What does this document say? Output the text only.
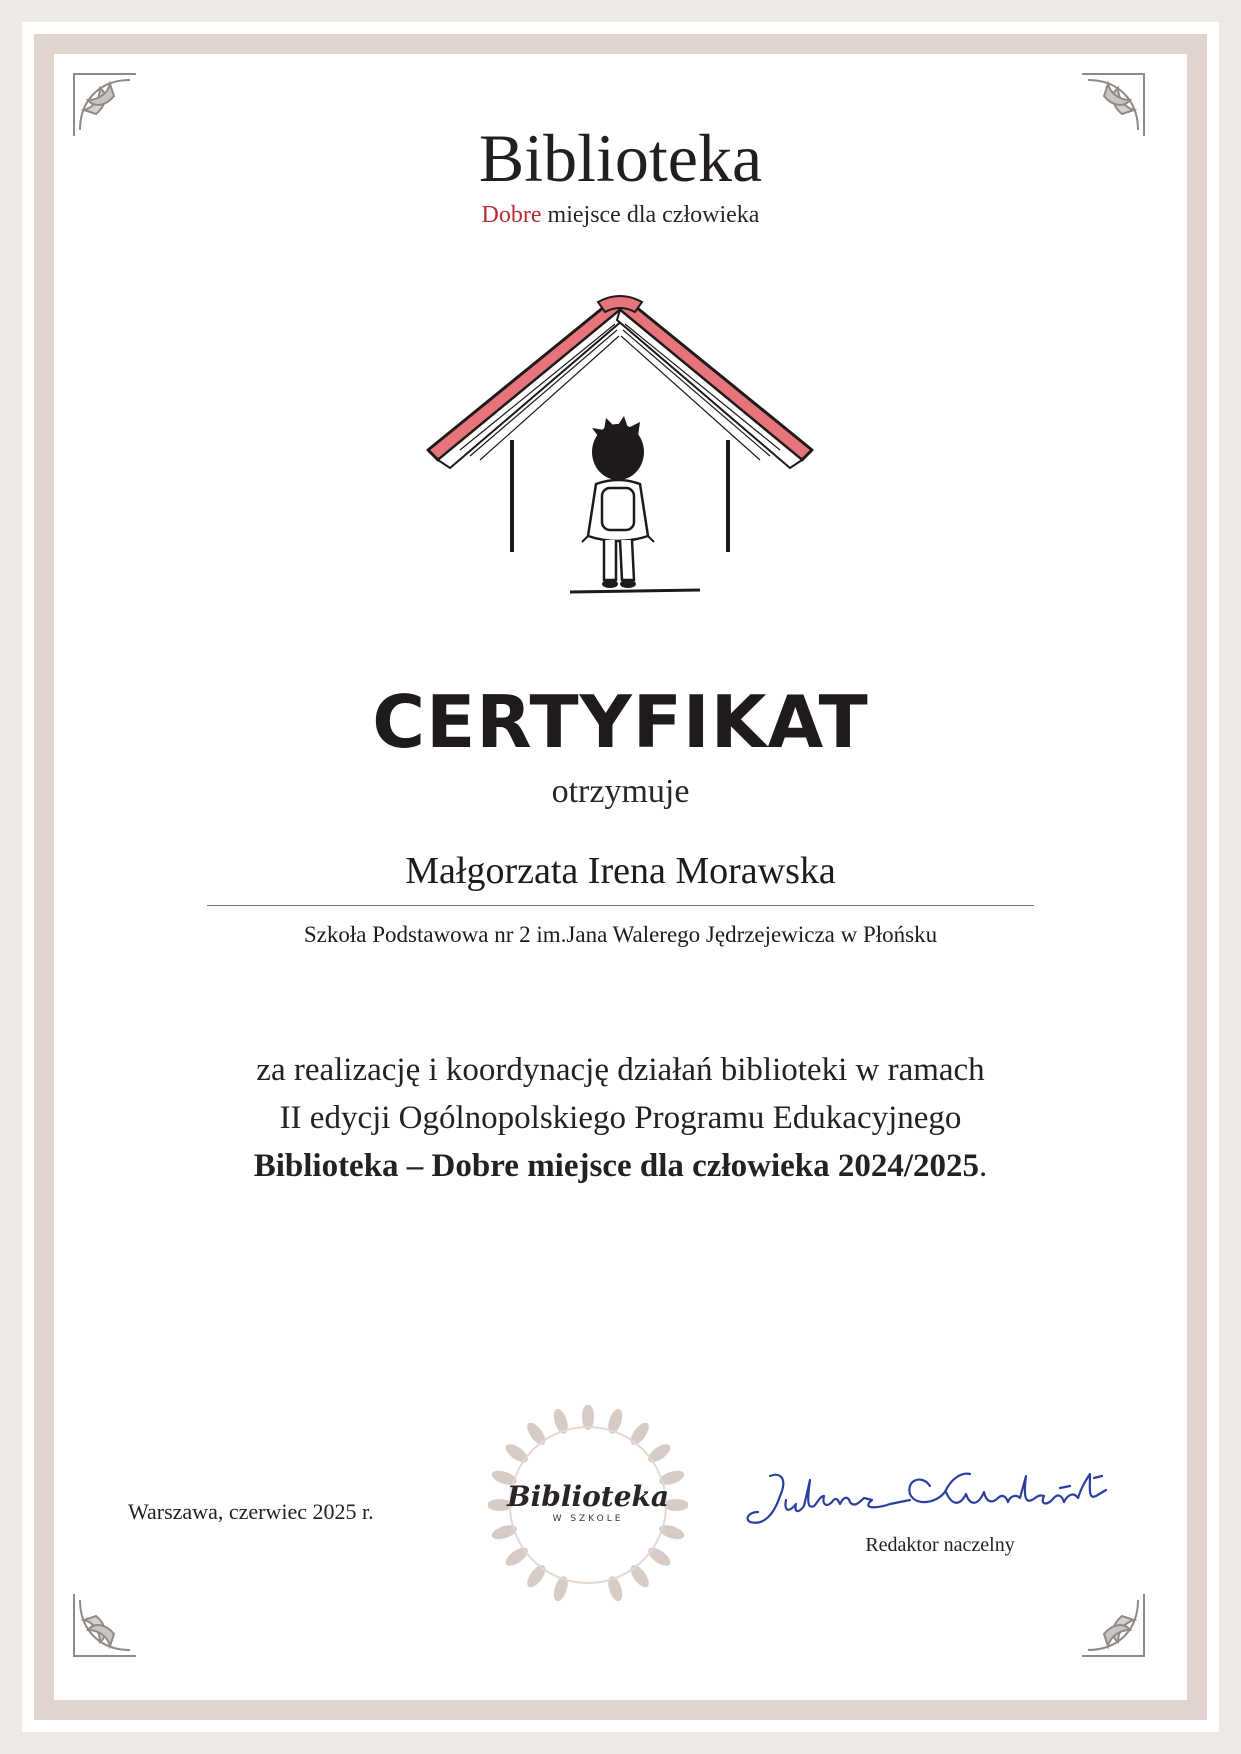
Biblioteka
Dobre miejsce dla człowieka
CERTYFIKAT
otrzymuje
Małgorzata Irena Morawska
Szkoła Podstawowa nr 2 im.Jana Walerego Jędrzejewicza w Płońsku
za realizację i koordynację działań biblioteki w ramach
II edycji Ogólnopolskiego Programu Edukacyjnego
Biblioteka – Dobre miejsce dla człowieka 2024/2025.
Warszawa, czerwiec 2025 r.	Biblioteka
W SZKOLE
Redaktor naczelny
